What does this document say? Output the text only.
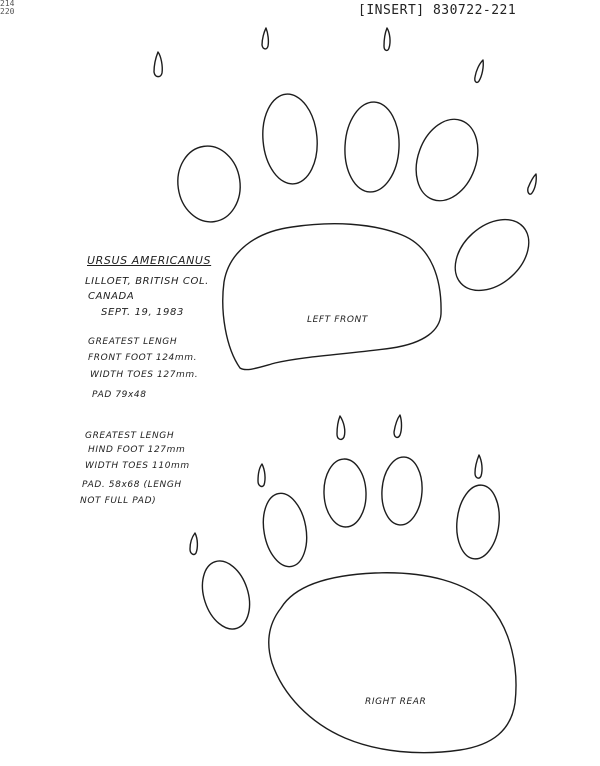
214
220	[INSERT] 830722-221
URSUS AMERICANUS
LILLOET, BRITISH COL.
CANADA
SEPT. 19, 1983
GREATEST LENGH
FRONT FOOT 124mm.
WIDTH TOES 127mm.
PAD 79x48
GREATEST LENGH
HIND FOOT 127mm
WIDTH TOES 110mm
PAD. 58x68 (LENGH
NOT FULL PAD)
LEFT FRONT
RIGHT REAR
